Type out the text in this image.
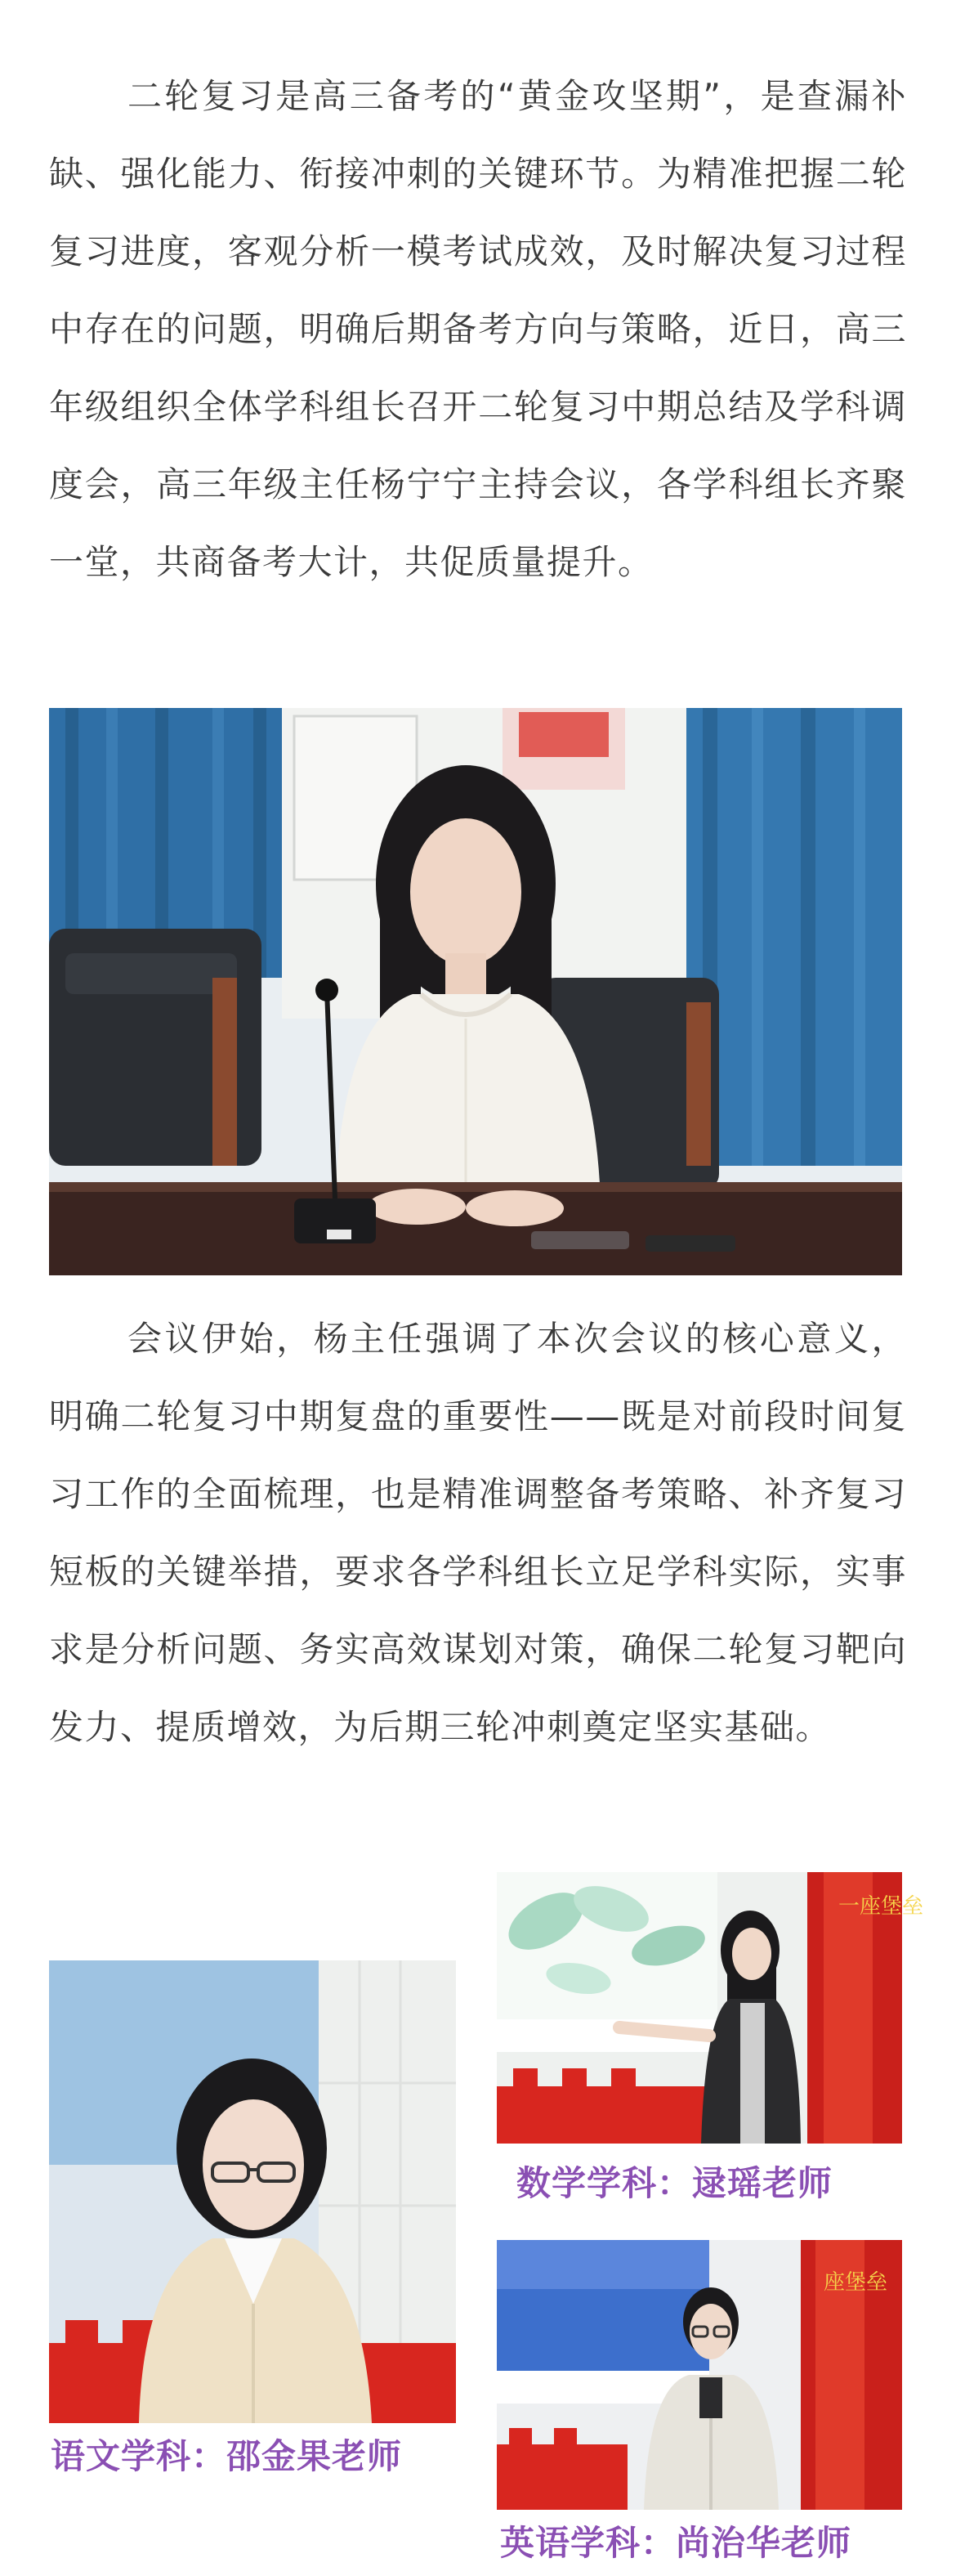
二轮复习是高三备考的“黄金攻坚期”，是查漏补缺、强化能力、衔接冲刺的关键环节。为精准把握二轮复习进度，客观分析一模考试成效，及时解决复习过程中存在的问题，明确后期备考方向与策略，近日，高三年级组织全体学科组长召开二轮复习中期总结及学科调度会，高三年级主任杨宁宁主持会议，各学科组长齐聚一堂，共商备考大计，共促质量提升。

会议伊始，杨主任强调了本次会议的核心意义，明确二轮复习中期复盘的重要性——既是对前段时间复习工作的全面梳理，也是精准调整备考策略、补齐复习短板的关键举措，要求各学科组长立足学科实际，实事求是分析问题、务实高效谋划对策，确保二轮复习靶向发力、提质增效，为后期三轮冲刺奠定坚实基础。

语文学科：邵金果老师

一座堡垒

数学学科：逯瑶老师

座堡垒

英语学科：尚治华老师
